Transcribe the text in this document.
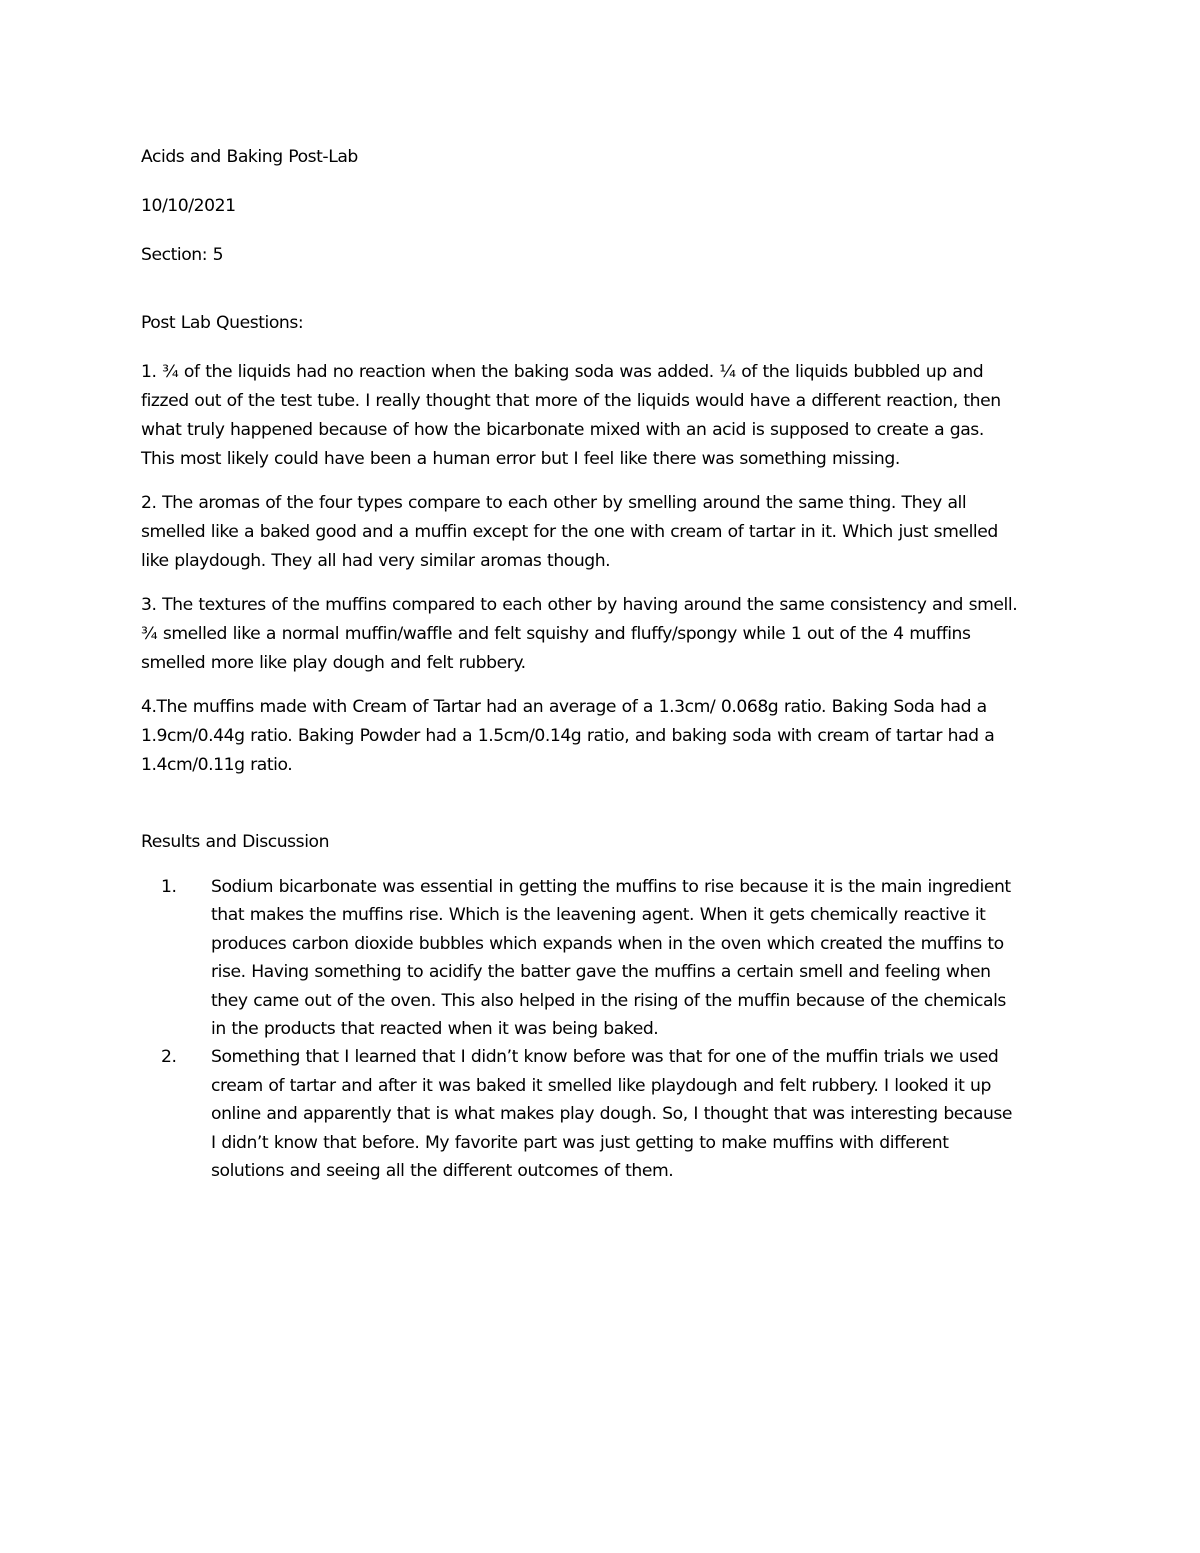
Acids and Baking Post-Lab

10/10/2021

Section: 5

Post Lab Questions:

1. ¾ of the liquids had no reaction when the baking soda was added. ¼ of the liquids bubbled up and
fizzed out of the test tube. I really thought that more of the liquids would have a different reaction, then
what truly happened because of how the bicarbonate mixed with an acid is supposed to create a gas.
This most likely could have been a human error but I feel like there was something missing.
2. The aromas of the four types compare to each other by smelling around the same thing. They all
smelled like a baked good and a muffin except for the one with cream of tartar in it. Which just smelled
like playdough. They all had very similar aromas though.
3. The textures of the muffins compared to each other by having around the same consistency and smell.
¾ smelled like a normal muffin/waffle and felt squishy and fluffy/spongy while 1 out of the 4 muffins
smelled more like play dough and felt rubbery.
4.The muffins made with Cream of Tartar had an average of a 1.3cm/ 0.068g ratio. Baking Soda had a
1.9cm/0.44g ratio. Baking Powder had a 1.5cm/0.14g ratio, and baking soda with cream of tartar had a
1.4cm/0.11g ratio.

Results and Discussion

1. Sodium bicarbonate was essential in getting the muffins to rise because it is the main ingredient
that makes the muffins rise. Which is the leavening agent. When it gets chemically reactive it
produces carbon dioxide bubbles which expands when in the oven which created the muffins to
rise. Having something to acidify the batter gave the muffins a certain smell and feeling when
they came out of the oven. This also helped in the rising of the muffin because of the chemicals
in the products that reacted when it was being baked.
2. Something that I learned that I didn’t know before was that for one of the muffin trials we used
cream of tartar and after it was baked it smelled like playdough and felt rubbery. I looked it up
online and apparently that is what makes play dough. So, I thought that was interesting because
I didn’t know that before. My favorite part was just getting to make muffins with different
solutions and seeing all the different outcomes of them.
